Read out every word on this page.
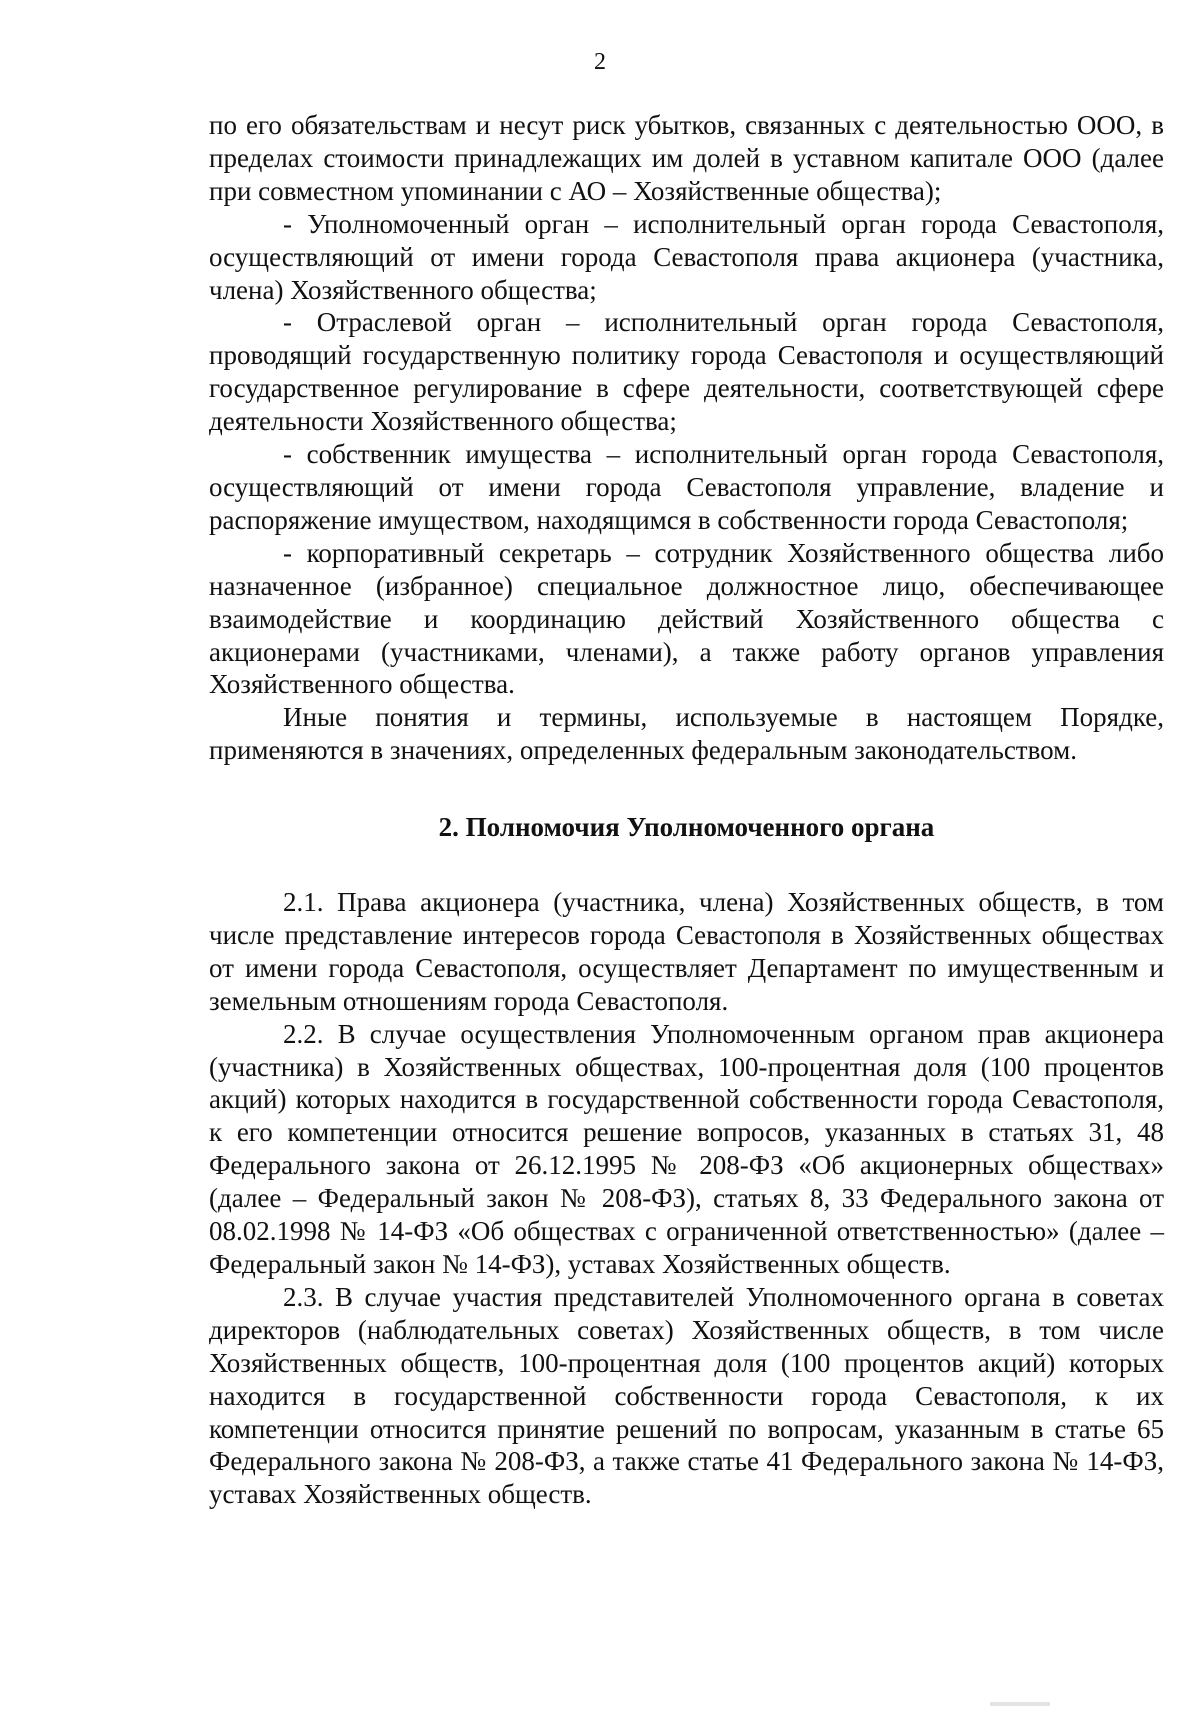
2

по его обязательствам и несут риск убытков, связанных с деятельностью ООО, в пределах стоимости принадлежащих им долей в уставном капитале ООО (далее при совместном упоминании с АО – Хозяйственные общества);

- Уполномоченный орган – исполнительный орган города Севастополя, осуществляющий от имени города Севастополя права акционера (участника, члена) Хозяйственного общества;

- Отраслевой орган – исполнительный орган города Севастополя, проводящий государственную политику города Севастополя и осуществляющий государственное регулирование в сфере деятельности, соответствующей сфере деятельности Хозяйственного общества;

- собственник имущества – исполнительный орган города Севастополя, осуществляющий от имени города Севастополя управление, владение и распоряжение имуществом, находящимся в собственности города Севастополя;

- корпоративный секретарь – сотрудник Хозяйственного общества либо назначенное (избранное) специальное должностное лицо, обеспечивающее взаимодействие и координацию действий Хозяйственного общества с акционерами (участниками, членами), а также работу органов управления Хозяйственного общества.

Иные понятия и термины, используемые в настоящем Порядке, применяются в значениях, определенных федеральным законодательством.

2. Полномочия Уполномоченного органа

2.1. Права акционера (участника, члена) Хозяйственных обществ, в том числе представление интересов города Севастополя в Хозяйственных обществах от имени города Севастополя, осуществляет Департамент по имущественным и земельным отношениям города Севастополя.

2.2. В случае осуществления Уполномоченным органом прав акционера (участника) в Хозяйственных обществах, 100-процентная доля (100 процентов акций) которых находится в государственной собственности города Севастополя, к его компетенции относится решение вопросов, указанных в статьях 31, 48 Федерального закона от 26.12.1995 № 208-ФЗ «Об акционерных обществах» (далее – Федеральный закон № 208-ФЗ), статьях 8, 33 Федерального закона от 08.02.1998 № 14-ФЗ «Об обществах с ограниченной ответственностью» (далее – Федеральный закон № 14-ФЗ), уставах Хозяйственных обществ.

2.3. В случае участия представителей Уполномоченного органа в советах директоров (наблюдательных советах) Хозяйственных обществ, в том числе Хозяйственных обществ, 100-процентная доля (100 процентов акций) которых находится в государственной собственности города Севастополя, к их компетенции относится принятие решений по вопросам, указанным в статье 65 Федерального закона № 208-ФЗ, а также статье 41 Федерального закона № 14-ФЗ, уставах Хозяйственных обществ.
